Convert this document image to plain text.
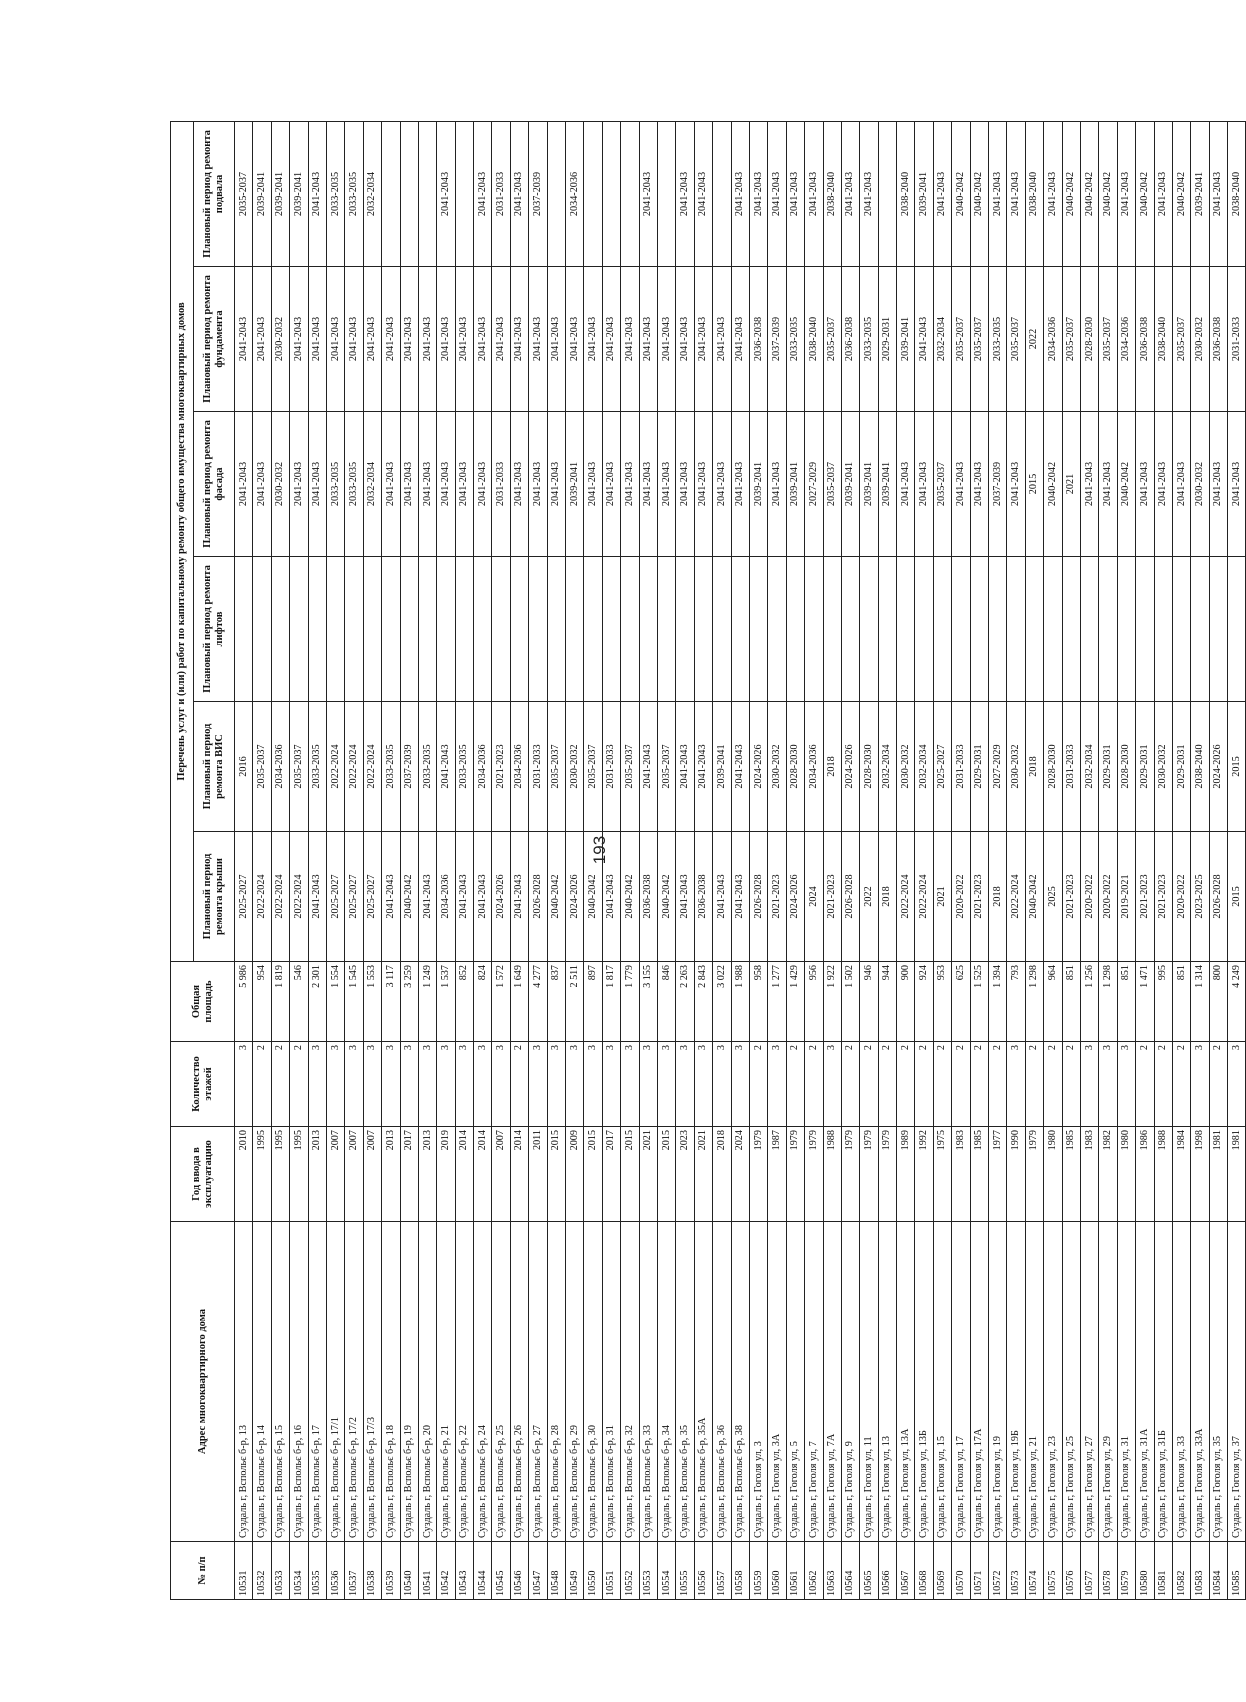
193
№ п/п	Адрес многоквартирного дома	Год ввода в эксплуатацию	Количество этажей	Общая площадь	Перечень услуг и (или) работ по капитальному ремонту общего имущества многоквартирных домов					
					Плановый период ремонта крыши	Плановый период ремонта ВИС	Плановый период ремонта лифтов	Плановый период ремонта фасада	Плановый период ремонта фундамента	Плановый период ремонта подвала
10531	Суздаль г, Вспольє б-р, 13	2010	3	5 986	2025-2027	2016		2041-2043	2041-2043	2035-2037
10532	Суздаль г, Вспольє б-р, 14	1995	2	954	2022-2024	2035-2037		2041-2043	2041-2043	2039-2041
10533	Суздаль г, Вспольє б-р, 15	1995	2	1 819	2022-2024	2034-2036		2030-2032	2030-2032	2039-2041
10534	Суздаль г, Вспольє б-р, 16	1995	2	546	2022-2024	2035-2037		2041-2043	2041-2043	2039-2041
10535	Суздаль г, Вспольє б-р, 17	2013	3	2 301	2041-2043	2033-2035		2041-2043	2041-2043	2041-2043
10536	Суздаль г, Вспольє б-р, 17/1	2007	3	1 554	2025-2027	2022-2024		2033-2035	2041-2043	2033-2035
10537	Суздаль г, Вспольє б-р, 17/2	2007	3	1 545	2025-2027	2022-2024		2033-2035	2041-2043	2033-2035
10538	Суздаль г, Вспольє б-р, 17/3	2007	3	1 553	2025-2027	2022-2024		2032-2034	2041-2043	2032-2034
10539	Суздаль г, Вспольє б-р, 18	2013	3	3 117	2041-2043	2033-2035		2041-2043	2041-2043	
10540	Суздаль г, Вспольє б-р, 19	2017	3	3 259	2040-2042	2037-2039		2041-2043	2041-2043	
10541	Суздаль г, Вспольє б-р, 20	2013	3	1 249	2041-2043	2033-2035		2041-2043	2041-2043	
10542	Суздаль г, Вспольє б-р, 21	2019	3	1 537	2034-2036	2041-2043		2041-2043	2041-2043	2041-2043
10543	Суздаль г, Вспольє б-р, 22	2014	3	852	2041-2043	2033-2035		2041-2043	2041-2043	
10544	Суздаль г, Вспольє б-р, 24	2014	3	824	2041-2043	2034-2036		2041-2043	2041-2043	2041-2043
10545	Суздаль г, Вспольє б-р, 25	2007	3	1 572	2024-2026	2021-2023		2031-2033	2041-2043	2031-2033
10546	Суздаль г, Вспольє б-р, 26	2014	2	1 649	2041-2043	2034-2036		2041-2043	2041-2043	2041-2043
10547	Суздаль г, Вспольє б-р, 27	2011	3	4 277	2026-2028	2031-2033		2041-2043	2041-2043	2037-2039
10548	Суздаль г, Вспольє б-р, 28	2015	3	837	2040-2042	2035-2037		2041-2043	2041-2043	
10549	Суздаль г, Вспольє б-р, 29	2009	3	2 511	2024-2026	2030-2032		2039-2041	2041-2043	2034-2036
10550	Суздаль г, Вспольє б-р, 30	2015	3	897	2040-2042	2035-2037		2041-2043	2041-2043	
10551	Суздаль г, Вспольє б-р, 31	2017	3	1 817	2041-2043	2031-2033		2041-2043	2041-2043	
10552	Суздаль г, Вспольє б-р, 32	2015	3	1 779	2040-2042	2035-2037		2041-2043	2041-2043	
10553	Суздаль г, Вспольє б-р, 33	2021	3	3 155	2036-2038	2041-2043		2041-2043	2041-2043	2041-2043
10554	Суздаль г, Вспольє б-р, 34	2015	3	846	2040-2042	2035-2037		2041-2043	2041-2043	
10555	Суздаль г, Вспольє б-р, 35	2023	3	2 263	2041-2043	2041-2043		2041-2043	2041-2043	2041-2043
10556	Суздаль г, Вспольє б-р, 35А	2021	3	2 843	2036-2038	2041-2043		2041-2043	2041-2043	2041-2043
10557	Суздаль г, Вспольє б-р, 36	2018	3	3 022	2041-2043	2039-2041		2041-2043	2041-2043	
10558	Суздаль г, Вспольє б-р, 38	2024	3	1 988	2041-2043	2041-2043		2041-2043	2041-2043	2041-2043
10559	Суздаль г, Гоголя ул, 3	1979	2	958	2026-2028	2024-2026		2039-2041	2036-2038	2041-2043
10560	Суздаль г, Гоголя ул, 3А	1987	3	1 277	2021-2023	2030-2032		2041-2043	2037-2039	2041-2043
10561	Суздаль г, Гоголя ул, 5	1979	2	1 429	2024-2026	2028-2030		2039-2041	2033-2035	2041-2043
10562	Суздаль г, Гоголя ул, 7	1979	2	956	2024	2034-2036		2027-2029	2038-2040	2041-2043
10563	Суздаль г, Гоголя ул, 7А	1988	3	1 922	2021-2023	2018		2035-2037	2035-2037	2038-2040
10564	Суздаль г, Гоголя ул, 9	1979	2	1 502	2026-2028	2024-2026		2039-2041	2036-2038	2041-2043
10565	Суздаль г, Гоголя ул, 11	1979	2	946	2022	2028-2030		2039-2041	2033-2035	2041-2043
10566	Суздаль г, Гоголя ул, 13	1979	2	944	2018	2032-2034		2039-2041	2029-2031	
10567	Суздаль г, Гоголя ул, 13А	1989	2	900	2022-2024	2030-2032		2041-2043	2039-2041	2038-2040
10568	Суздаль г, Гоголя ул, 13Б	1992	2	924	2022-2024	2032-2034		2041-2043	2041-2043	2039-2041
10569	Суздаль г, Гоголя ул, 15	1975	2	953	2021	2025-2027		2035-2037	2032-2034	2041-2043
10570	Суздаль г, Гоголя ул, 17	1983	2	625	2020-2022	2031-2033		2041-2043	2035-2037	2040-2042
10571	Суздаль г, Гоголя ул, 17А	1985	2	1 525	2021-2023	2029-2031		2041-2043	2035-2037	2040-2042
10572	Суздаль г, Гоголя ул, 19	1977	2	1 394	2018	2027-2029		2037-2039	2033-2035	2041-2043
10573	Суздаль г, Гоголя ул, 19Б	1990	3	793	2022-2024	2030-2032		2041-2043	2035-2037	2041-2043
10574	Суздаль г, Гоголя ул, 21	1979	2	1 298	2040-2042	2018		2015	2022	2038-2040
10575	Суздаль г, Гоголя ул, 23	1980	2	964	2025	2028-2030		2040-2042	2034-2036	2041-2043
10576	Суздаль г, Гоголя ул, 25	1985	2	851	2021-2023	2031-2033		2021	2035-2037	2040-2042
10577	Суздаль г, Гоголя ул, 27	1983	3	1 256	2020-2022	2032-2034		2041-2043	2028-2030	2040-2042
10578	Суздаль г, Гоголя ул, 29	1982	3	1 298	2020-2022	2029-2031		2041-2043	2035-2037	2040-2042
10579	Суздаль г, Гоголя ул, 31	1980	3	851	2019-2021	2028-2030		2040-2042	2034-2036	2041-2043
10580	Суздаль г, Гоголя ул, 31А	1986	2	1 471	2021-2023	2029-2031		2041-2043	2036-2038	2040-2042
10581	Суздаль г, Гоголя ул, 31Б	1988	2	995	2021-2023	2030-2032		2041-2043	2038-2040	2041-2043
10582	Суздаль г, Гоголя ул, 33	1984	2	851	2020-2022	2029-2031		2041-2043	2035-2037	2040-2042
10583	Суздаль г, Гоголя ул, 33А	1998	3	1 314	2023-2025	2038-2040		2030-2032	2030-2032	2039-2041
10584	Суздаль г, Гоголя ул, 35	1981	2	800	2026-2028	2024-2026		2041-2043	2036-2038	2041-2043
10585	Суздаль г, Гоголя ул, 37	1981	3	4 249	2015	2015		2041-2043	2031-2033	2038-2040
